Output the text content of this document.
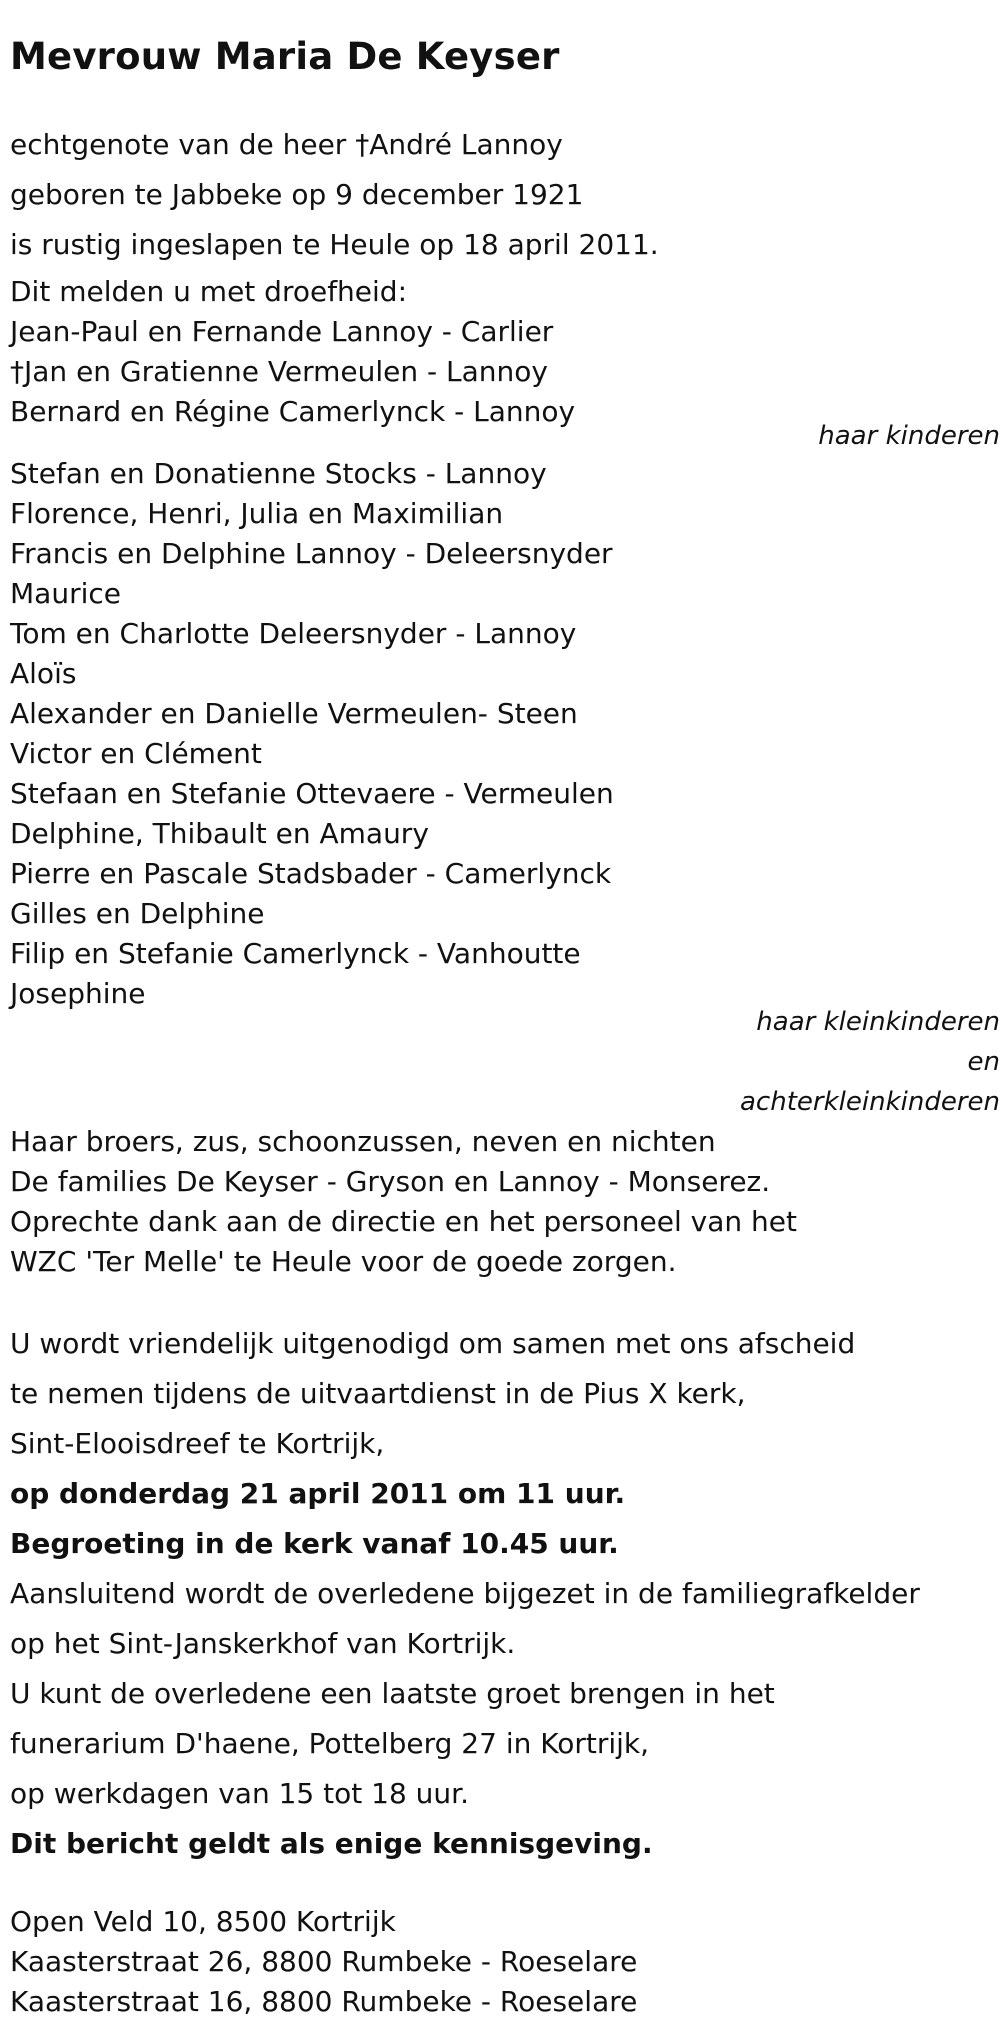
Mevrouw Maria De Keyser

echtgenote van de heer †André Lannoy

geboren te Jabbeke op 9 december 1921

is rustig ingeslapen te Heule op 18 april 2011.

Dit melden u met droefheid:

Jean-Paul en Fernande Lannoy - Carlier

†Jan en Gratienne Vermeulen - Lannoy

Bernard en Régine Camerlynck - Lannoy

haar kinderen

Stefan en Donatienne Stocks - Lannoy

Florence, Henri, Julia en Maximilian

Francis en Delphine Lannoy - Deleersnyder

Maurice

Tom en Charlotte Deleersnyder - Lannoy

Aloïs

Alexander en Danielle Vermeulen- Steen

Victor en Clément

Stefaan en Stefanie Ottevaere - Vermeulen

Delphine, Thibault en Amaury

Pierre en Pascale Stadsbader - Camerlynck

Gilles en Delphine

Filip en Stefanie Camerlynck - Vanhoutte

Josephine

haar kleinkinderen

en

achterkleinkinderen

Haar broers, zus, schoonzussen, neven en nichten

De families De Keyser - Gryson en Lannoy - Monserez.

Oprechte dank aan de directie en het personeel van het

WZC 'Ter Melle' te Heule voor de goede zorgen.

U wordt vriendelijk uitgenodigd om samen met ons afscheid

te nemen tijdens de uitvaartdienst in de Pius X kerk,

Sint-Elooisdreef te Kortrijk,

op donderdag 21 april 2011 om 11 uur.

Begroeting in de kerk vanaf 10.45 uur.

Aansluitend wordt de overledene bijgezet in de familiegrafkelder

op het Sint-Janskerkhof van Kortrijk.

U kunt de overledene een laatste groet brengen in het

funerarium D'haene, Pottelberg 27 in Kortrijk,

op werkdagen van 15 tot 18 uur.

Dit bericht geldt als enige kennisgeving.

Open Veld 10, 8500 Kortrijk

Kaasterstraat 26, 8800 Rumbeke - Roeselare

Kaasterstraat 16, 8800 Rumbeke - Roeselare
